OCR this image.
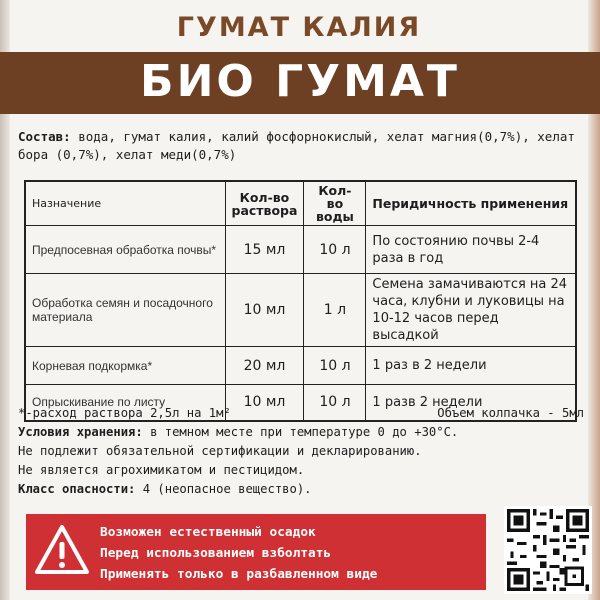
ГУМАТ КАЛИЯ
БИО ГУМАТ
Состав: вода, гумат калия, калий фосфорнокислый, хелат магния(0,7%), хелат бора (0,7%), хелат меди(0,7%)
Назначение	Кол-во раствора	Кол-во воды	Перидичность применения
Предпосевная обработка почвы*	15 мл	10 л	По состоянию почвы 2-4 раза в год
Обработка семян и посадочного материала	10 мл	1 л	Семена замачиваются на 24 часа, клубни и луковицы на 10-12 часов перед высадкой
Корневая подкормка*	20 мл	10 л	1 раз в 2 недели
Опрыскивание по листу	10 мл	10 л	1 разв 2 недели
*-расход раствора 2,5л на 1м²	Объем колпачка - 5мл
Условия хранения: в темном месте при температуре 0 до +30°С.
Не подлежит обязательной сертификации и декларированию.
Не является агрохимикатом и пестицидом.
Класс опасности: 4 (неопасное вещество).
Возможен естественный осадок
Перед использованием взболтать
Применять только в разбавленном виде
